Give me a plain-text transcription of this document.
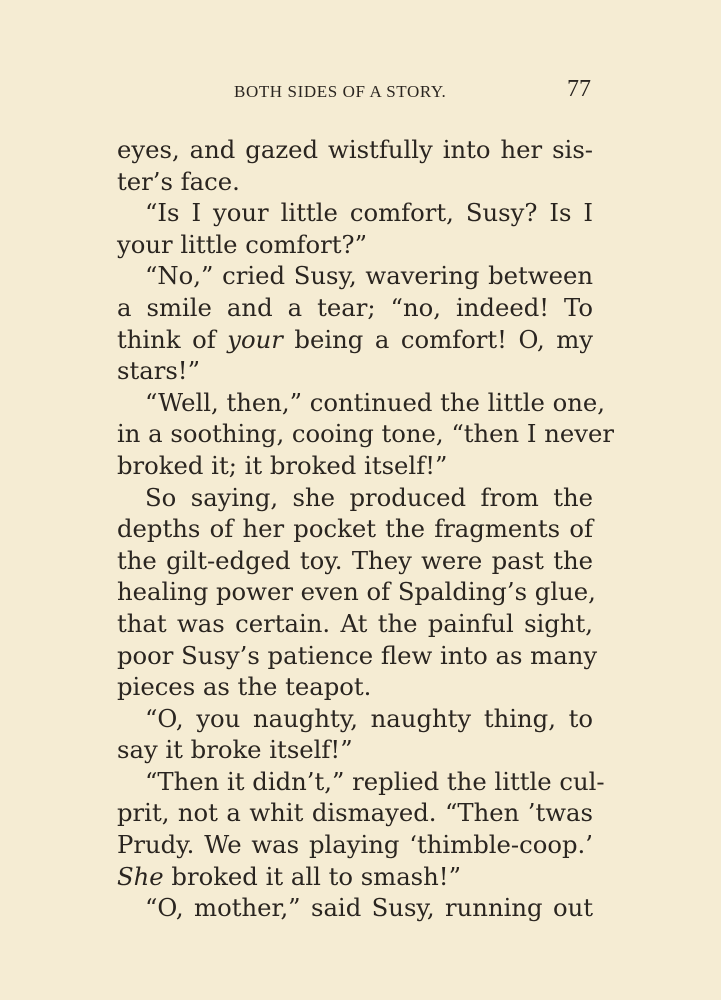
BOTH SIDES OF A STORY.	77
eyes, and gazed wistfully into her sis-
ter’s face.
“Is I your little comfort, Susy? Is I
your little comfort?”
“No,” cried Susy, wavering between
a smile and a tear; “no, indeed! To
think of your being a comfort! O, my
stars!”
“Well, then,” continued the little one,
in a soothing, cooing tone, “then I never
broked it; it broked itself!”
So saying, she produced from the
depths of her pocket the fragments of
the gilt-edged toy. They were past the
healing power even of Spalding’s glue,
that was certain. At the painful sight,
poor Susy’s patience flew into as many
pieces as the teapot.
“O, you naughty, naughty thing, to
say it broke itself!”
“Then it didn’t,” replied the little cul-
prit, not a whit dismayed. “Then ’twas
Prudy. We was playing ‘thimble-coop.’
She broked it all to smash!”
“O, mother,” said Susy, running out
